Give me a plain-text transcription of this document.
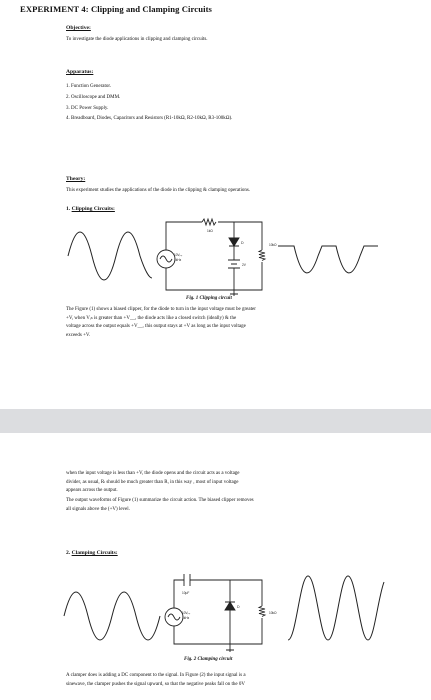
EXPERIMENT 4: Clipping and Clamping Circuits
Objective:
To investigate the diode applications in clipping and clamping circuits.
Apparatus:
1. Function Generator.
2. Oscilloscope and DMM.
3. DC Power Supply.
4. Breadboard, Diodes, Capacitors and Resistors (R1-10kΩ, R2-10kΩ, R3-100kΩ).
Theory:
This experiment studies the applications of the diode in the clipping & clamping operations.
1. Clipping Circuits:
1kΩ
10Vₚₚ
1kHz
D
2V
10kΩ
Fig. 1 Clipping circuit
The Figure (1) shows a biased clipper, for the diode to turn in the input voltage must be greater
+V, when Vᵢₙ is greater than +V__, the diode acts like a closed switch (ideally) & the
voltage across the output equals +V__, this output stays at +V as long as the input voltage
exceeds +V.
when the input voltage is less than +V, the diode opens and the circuit acts as a voltage
divider, as usual, Rₗ should be much greater than R, in this way , most of input voltage
appears across the output.
The output waveforms of Figure (1) summarize the circuit action. The biased clipper removes
all signals above the (+V) level.
2. Clamping Circuits:
10μF
10Vₚₚ
1kHz
D
10kΩ
Fig. 2 Clamping circuit
A clamper does is adding a DC component to the signal. In Figure (2) the input signal is a
sinewave, the clamper pushes the signal upward, so that the negative peaks fall on the 0V
